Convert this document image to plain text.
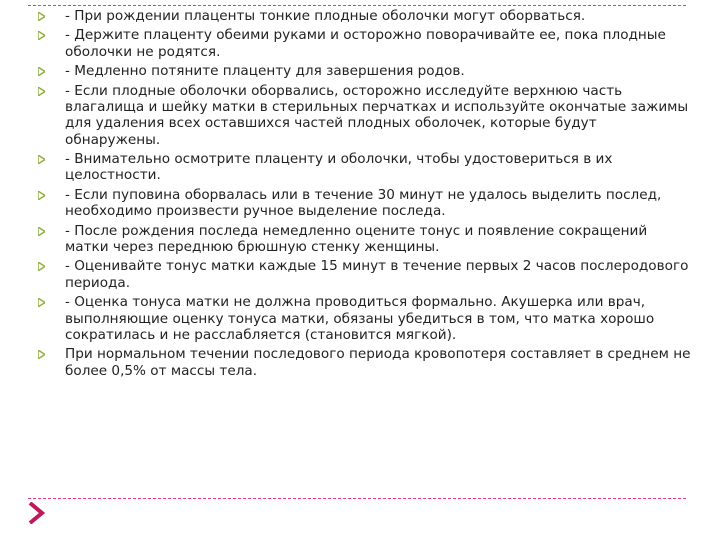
- При рождении плаценты тонкие плодные оболочки могут оборваться.
- Держите плаценту обеими руками и осторожно поворачивайте ее, пока плодные оболочки не родятся.
- Медленно потяните плаценту для завершения родов.
- Если плодные оболочки оборвались, осторожно исследуйте верхнюю часть влагалища и шейку матки в стерильных перчатках и используйте окончатые зажимы для удаления всех оставшихся частей плодных оболочек, которые будут обнаружены.
- Внимательно осмотрите плаценту и оболочки, чтобы удостовериться в их целостности.
- Если пуповина оборвалась или в течение 30 минут не удалось выделить послед, необходимо произвести ручное выделение последа.
- После рождения последа немедленно оцените тонус и появление сокращений матки через переднюю брюшную стенку женщины.
- Оценивайте тонус матки каждые 15 минут в течение первых 2 часов послеродового периода.
- Оценка тонуса матки не должна проводиться формально. Акушерка или врач, выполняющие оценку тонуса матки, обязаны убедиться в том, что матка хорошо сократилась и не расслабляется (становится мягкой).
При нормальном течении последового периода кровопотеря составляет в среднем не более 0,5% от массы тела.
